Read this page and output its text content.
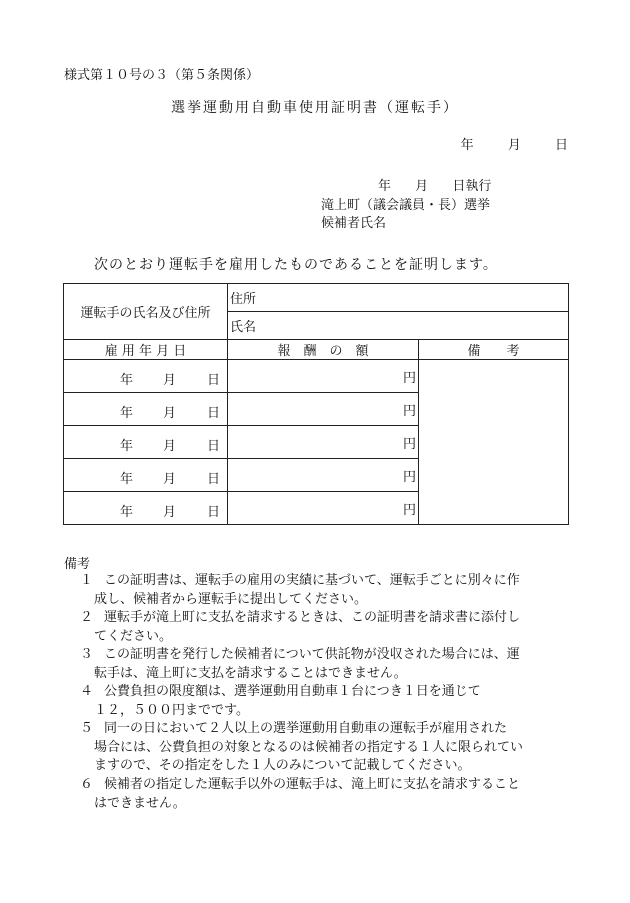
様式第１０号の３（第５条関係）
選挙運動用自動車使用証明書（運転手）
年	月	日
年 月 日執行
滝上町（議会議員・長）選挙
候補者氏名
次のとおり運転手を雇用したものであることを証明します。
運転手の氏名及び住所	住所	
	氏名	
雇 用 年 月 日	報　酬　の　額	備　　考

年 月 日	円	

年 月 日	円	

年 月 日	円	

年 月 日	円	

年 月 日	円	
備考
１ この証明書は、運転手の雇用の実績に基づいて、運転手ごとに別々に作
成し、候補者から運転手に提出してください。
２ 運転手が滝上町に支払を請求するときは、この証明書を請求書に添付し
てください。
３ この証明書を発行した候補者について供託物が没収された場合には、運
転手は、滝上町に支払を請求することはできません。
４ 公費負担の限度額は、選挙運動用自動車１台につき１日を通じて
１２，５００円までです。
５ 同一の日において２人以上の選挙運動用自動車の運転手が雇用された
場合には、公費負担の対象となるのは候補者の指定する１人に限られてい
ますので、その指定をした１人のみについて記載してください。
６ 候補者の指定した運転手以外の運転手は、滝上町に支払を請求すること
はできません。
